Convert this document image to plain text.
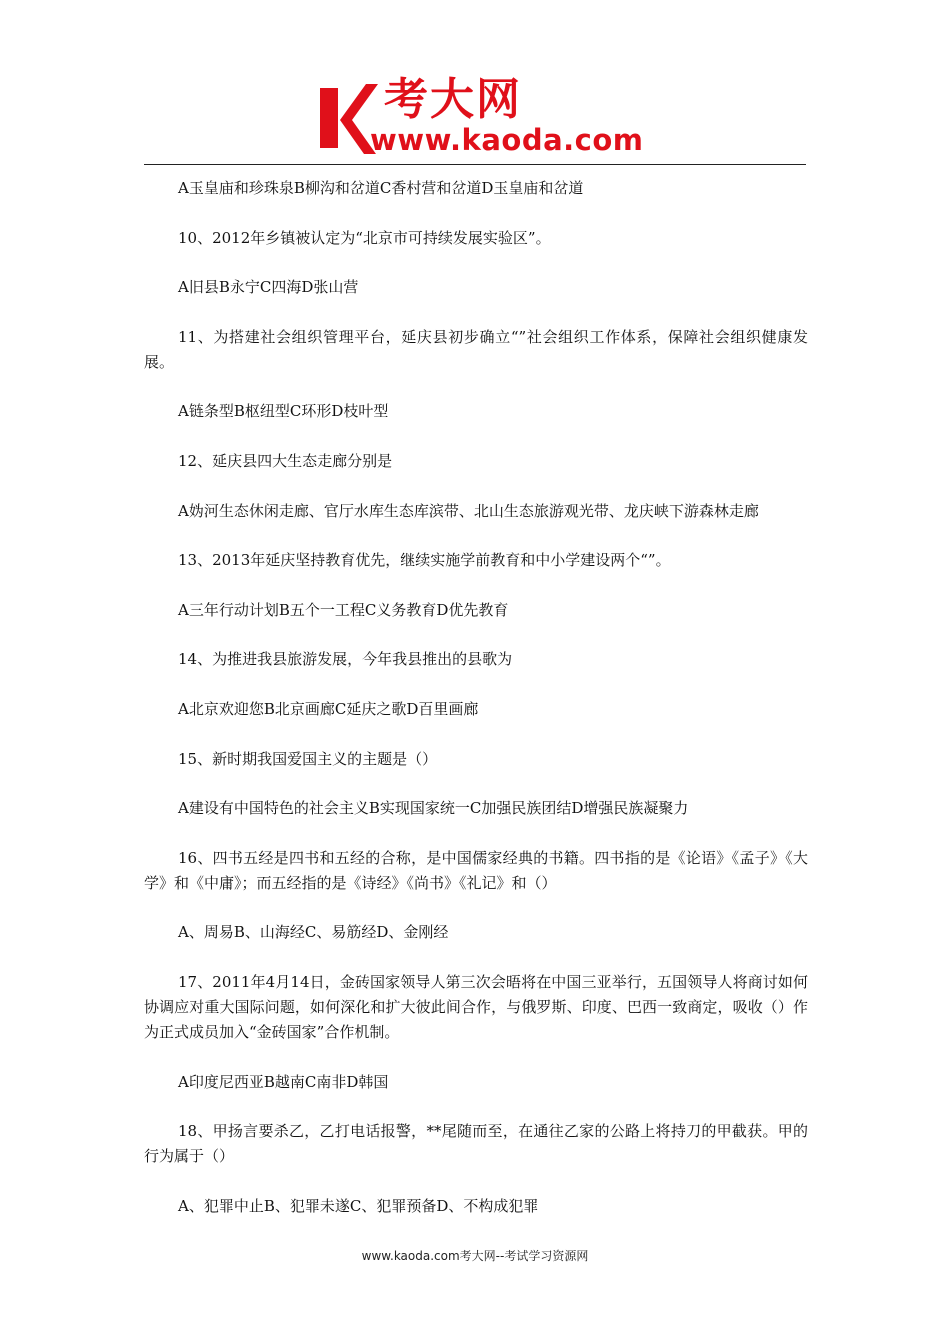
考大网
www.kaoda.com

A玉皇庙和珍珠泉B柳沟和岔道C香村营和岔道D玉皇庙和岔道

10、2012年乡镇被认定为“北京市可持续发展实验区”。

A旧县B永宁C四海D张山营

11、为搭建社会组织管理平台，延庆县初步确立“”社会组织工作体系，保障社会组织健康发展。

A链条型B枢纽型C环形D枝叶型

12、延庆县四大生态走廊分别是

A妫河生态休闲走廊、官厅水库生态库滨带、北山生态旅游观光带、龙庆峡下游森林走廊

13、2013年延庆坚持教育优先，继续实施学前教育和中小学建设两个“”。

A三年行动计划B五个一工程C义务教育D优先教育

14、为推进我县旅游发展，今年我县推出的县歌为

A北京欢迎您B北京画廊C延庆之歌D百里画廊

15、新时期我国爱国主义的主题是（）

A建设有中国特色的社会主义B实现国家统一C加强民族团结D增强民族凝聚力

16、四书五经是四书和五经的合称，是中国儒家经典的书籍。四书指的是《论语》《孟子》《大学》和《中庸》；而五经指的是《诗经》《尚书》《礼记》和（）

A、周易B、山海经C、易筋经D、金刚经

17、2011年4月14日，金砖国家领导人第三次会晤将在中国三亚举行，五国领导人将商讨如何协调应对重大国际问题，如何深化和扩大彼此间合作，与俄罗斯、印度、巴西一致商定，吸收（）作为正式成员加入“金砖国家”合作机制。

A印度尼西亚B越南C南非D韩国

18、甲扬言要杀乙，乙打电话报警，**尾随而至，在通往乙家的公路上将持刀的甲截获。甲的行为属于（）

A、犯罪中止B、犯罪未遂C、犯罪预备D、不构成犯罪

www.kaoda.com考大网--考试学习资源网
